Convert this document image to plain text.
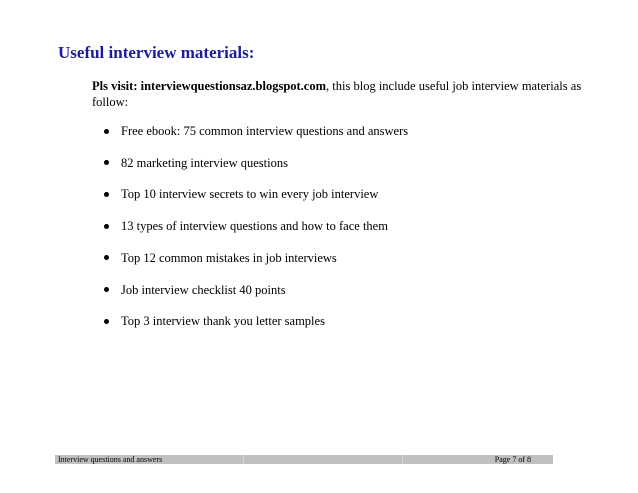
Useful interview materials:
Pls visit: interviewquestionsaz.blogspot.com, this blog include useful job interview materials as follow:
Free ebook: 75 common interview questions and answers
82 marketing interview questions
Top 10 interview secrets to win every job interview
13 types of interview questions and how to face them
Top 12 common mistakes in job interviews
Job interview checklist 40 points
Top 3 interview thank you letter samples
Interview questions and answers	Page 7 of 8
